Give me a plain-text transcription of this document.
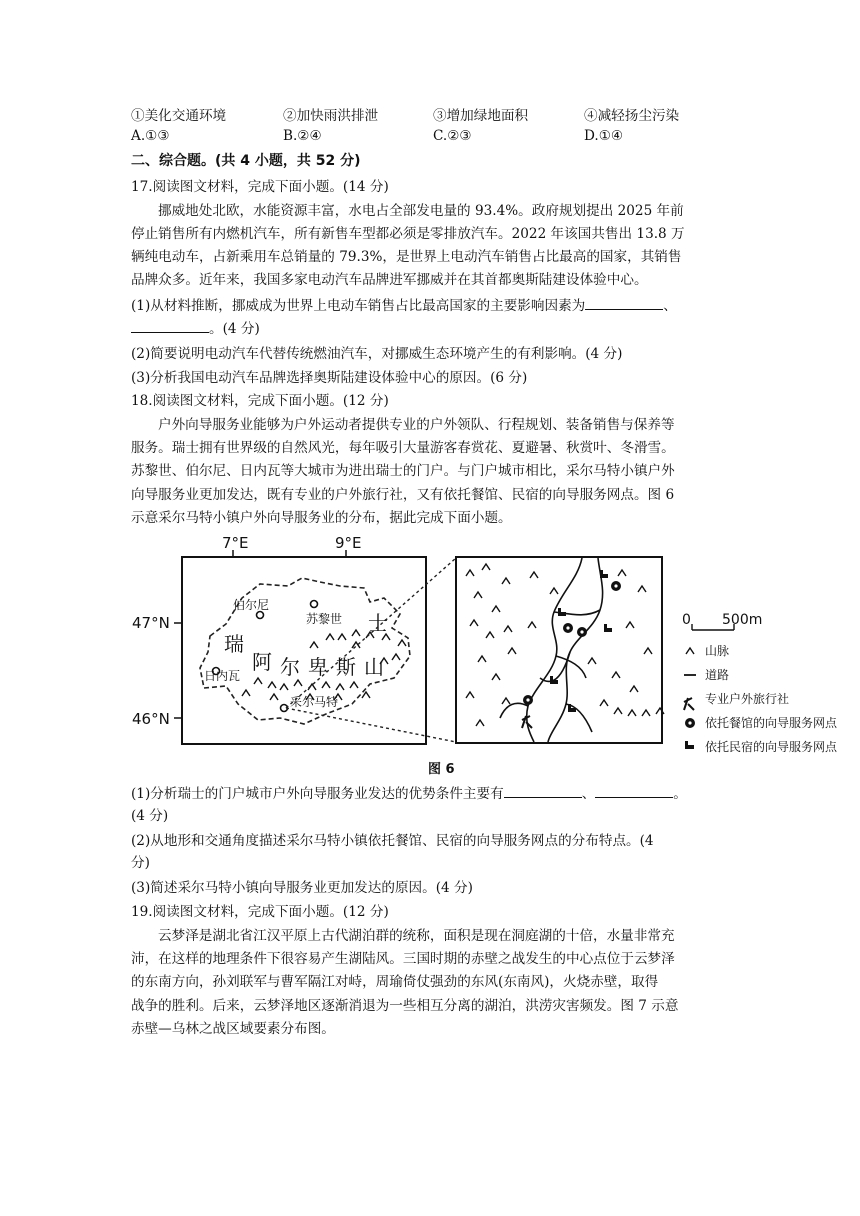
①美化交通环境	②加快雨洪排泄	③增加绿地面积	④减轻扬尘污染
A.①③	B.②④	C.②③	D.①④
二、综合题。(共 4 小题，共 52 分)
17.阅读图文材料，完成下面小题。(14 分)
挪威地处北欧，水能资源丰富，水电占全部发电量的 93.4%。政府规划提出 2025 年前
停止销售所有内燃机汽车，所有新售车型都必须是零排放汽车。2022 年该国共售出 13.8 万
辆纯电动车，占新乘用车总销量的 79.3%，是世界上电动汽车销售占比最高的国家，其销售
品牌众多。近年来，我国多家电动汽车品牌进军挪威并在其首都奥斯陆建设体验中心。
(1)从材料推断，挪威成为世界上电动车销售占比最高国家的主要影响因素为	、
。(4 分)
(2)简要说明电动汽车代替传统燃油汽车，对挪威生态环境产生的有利影响。(4 分)
(3)分析我国电动汽车品牌选择奥斯陆建设体验中心的原因。(6 分)
18.阅读图文材料，完成下面小题。(12 分)
户外向导服务业能够为户外运动者提供专业的户外领队、行程规划、装备销售与保养等
服务。瑞士拥有世界级的自然风光，每年吸引大量游客春赏花、夏避暑、秋赏叶、冬滑雪。
苏黎世、伯尔尼、日内瓦等大城市为进出瑞士的门户。与门户城市相比，采尔马特小镇户外
向导服务业更加发达，既有专业的户外旅行社，又有依托餐馆、民宿的向导服务网点。图 6
示意采尔马特小镇户外向导服务业的分布，据此完成下面小题。
7°E	9°E
47°N
46°N
伯尔尼
苏黎世
日内瓦
采尔马特
瑞
士
阿 尔 卑 斯 山
0 500m
山脉
道路
专业户外旅行社
依托餐馆的向导服务网点
依托民宿的向导服务网点
图 6
(1)分析瑞士的门户城市户外向导服务业发达的优势条件主要有	、	。
(4 分)
(2)从地形和交通角度描述采尔马特小镇依托餐馆、民宿的向导服务网点的分布特点。(4
分)
(3)简述采尔马特小镇向导服务业更加发达的原因。(4 分)
19.阅读图文材料，完成下面小题。(12 分)
云梦泽是湖北省江汉平原上古代湖泊群的统称，面积是现在洞庭湖的十倍，水量非常充
沛，在这样的地理条件下很容易产生湖陆风。三国时期的赤壁之战发生的中心点位于云梦泽
的东南方向，孙刘联军与曹军隔江对峙，周瑜倚仗强劲的东风(东南风)，火烧赤壁，取得
战争的胜利。后来，云梦泽地区逐渐消退为一些相互分离的湖泊，洪涝灾害频发。图 7 示意
赤壁—乌林之战区域要素分布图。
